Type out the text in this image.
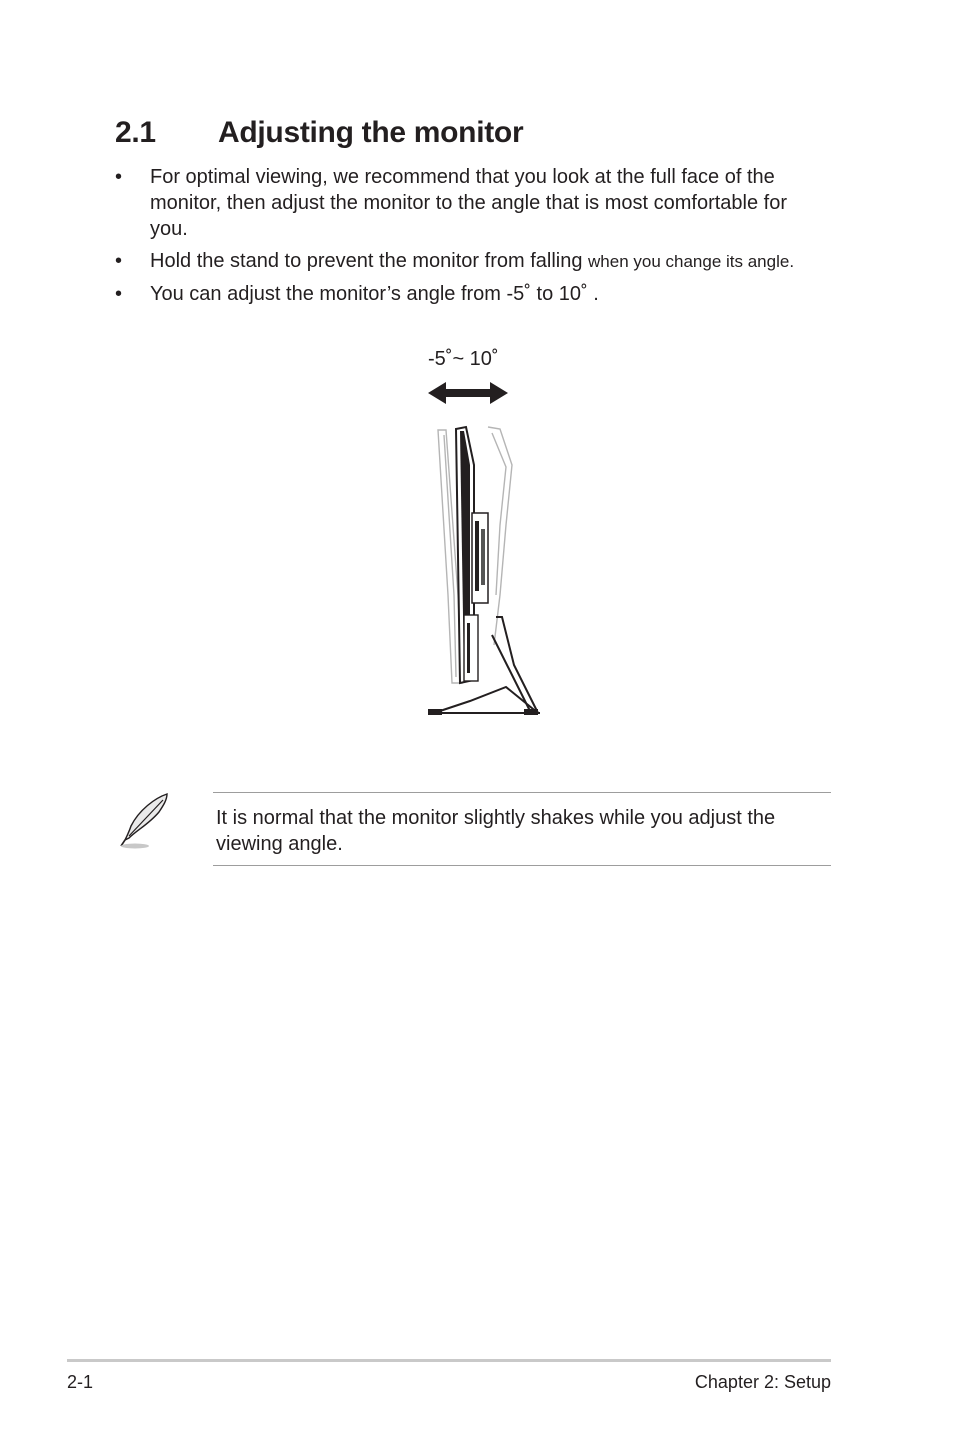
2.1 Adjusting the monitor
• For optimal viewing, we recommend that you look at the full face of the monitor, then adjust the monitor to the angle that is most comfortable for you.
• Hold the stand to prevent the monitor from falling when you change its angle.
• You can adjust the monitor’s angle from -5˚ to 10˚ .
-5˚~ 10˚

It is normal that the monitor slightly shakes while you adjust the viewing angle.

2-1	Chapter 2: Setup
